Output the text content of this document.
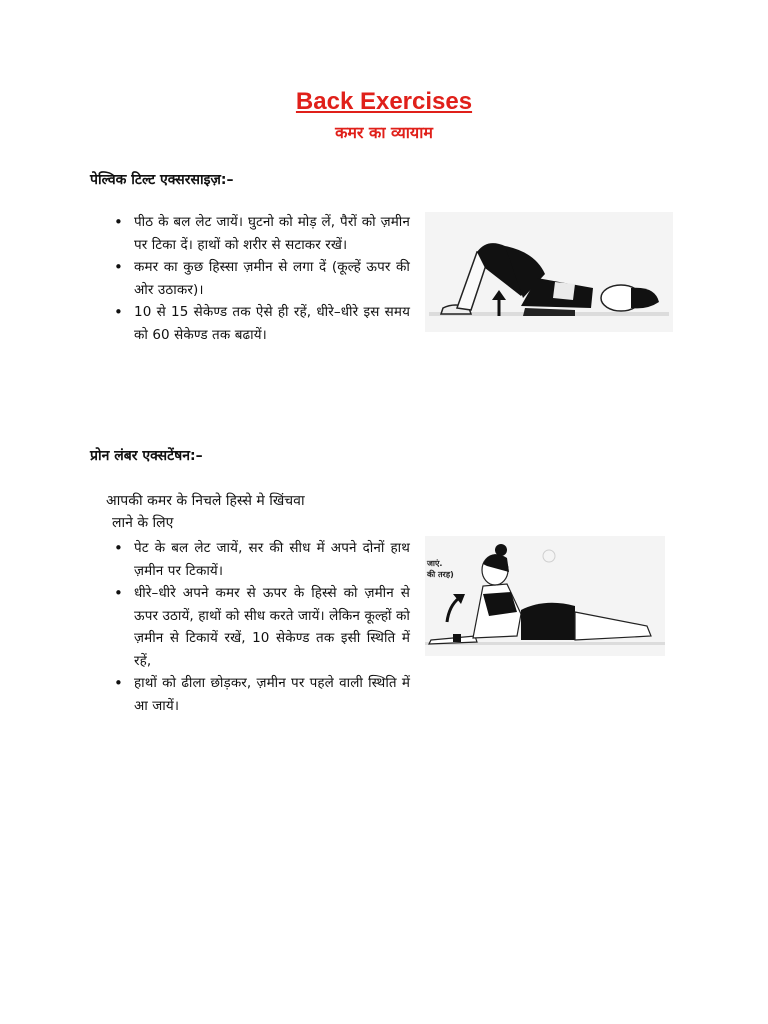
Back Exercises
कमर का व्यायाम
पेल्विक टिल्ट एक्सरसाइज़:–
• पीठ के बल लेट जायें। घुटनो को मोड़ लें, पैरों को ज़मीन पर टिका दें। हाथों को शरीर से सटाकर रखें।
• कमर का कुछ हिस्सा ज़मीन से लगा दें (कूल्हें ऊपर की ओर उठाकर)।
• 10 से 15 सेकेण्ड तक ऐसे ही रहें, धीरे–धीरे इस समय को 60 सेकेण्ड तक बढायें।
प्रोन लंबर एक्सटेंषन:–
आपकी कमर के निचले हिस्से मे खिंचवा
लाने के लिए
• पेट के बल लेट जायें, सर की सीध में अपने दोनों हाथ ज़मीन पर टिकायें।
• धीरे–धीरे अपने कमर से ऊपर के हिस्से को ज़मीन से ऊपर उठायें, हाथों को सीध करते जायें। लेकिन कूल्हों को ज़मीन से टिकायें रखें, 10 सेकेण्ड तक इसी स्थिति में रहें,
• हाथों को ढीला छोड़कर, ज़मीन पर पहले वाली स्थिति में आ जायें।
जाएं.
की तरह)
